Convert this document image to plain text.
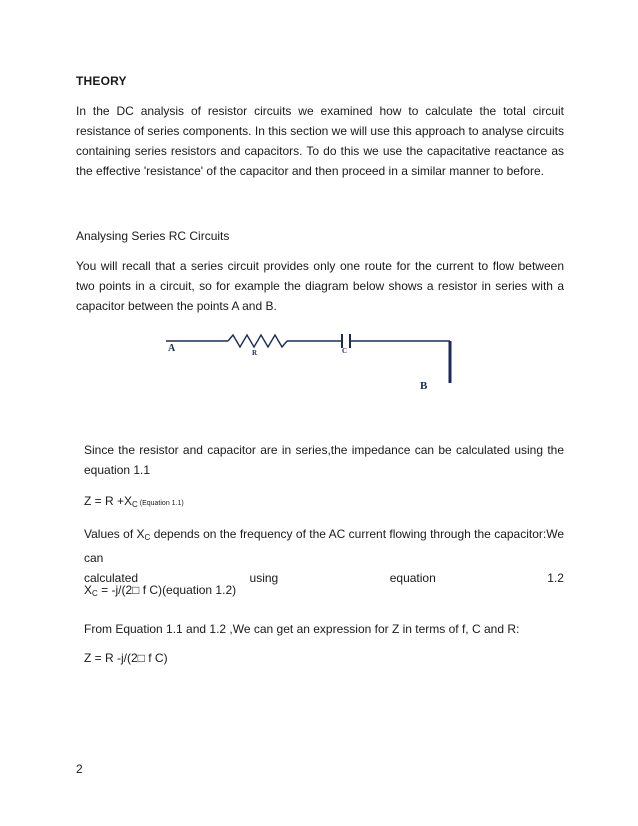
THEORY
In the DC analysis of resistor circuits we examined how to calculate the total circuit resistance of series components. In this section we will use this approach to analyse circuits containing series resistors and capacitors. To do this we use the capacitative reactance as the effective 'resistance' of the capacitor and then proceed in a similar manner to before.
Analysing Series RC Circuits
You will recall that a series circuit provides only one route for the current to flow between two points in a circuit, so for example the diagram below shows a resistor in series with a capacitor between the points A and B.
A	R	C
B
Since the resistor and capacitor are in series,the impedance can be calculated using the equation 1.1
$Z = R +X_C$ (Equation 1.1)
Values of $X_C$ depends on the frequency of the AC current flowing through the capacitor:We can
calculated	using	equation	1.2
$X_C$ = -j/(2□ f C)(equation 1.2)
From Equation 1.1 and 1.2 ,We can get an expression for Z in terms of f, C and R:
Z = R -j/(2□ f C)
2
